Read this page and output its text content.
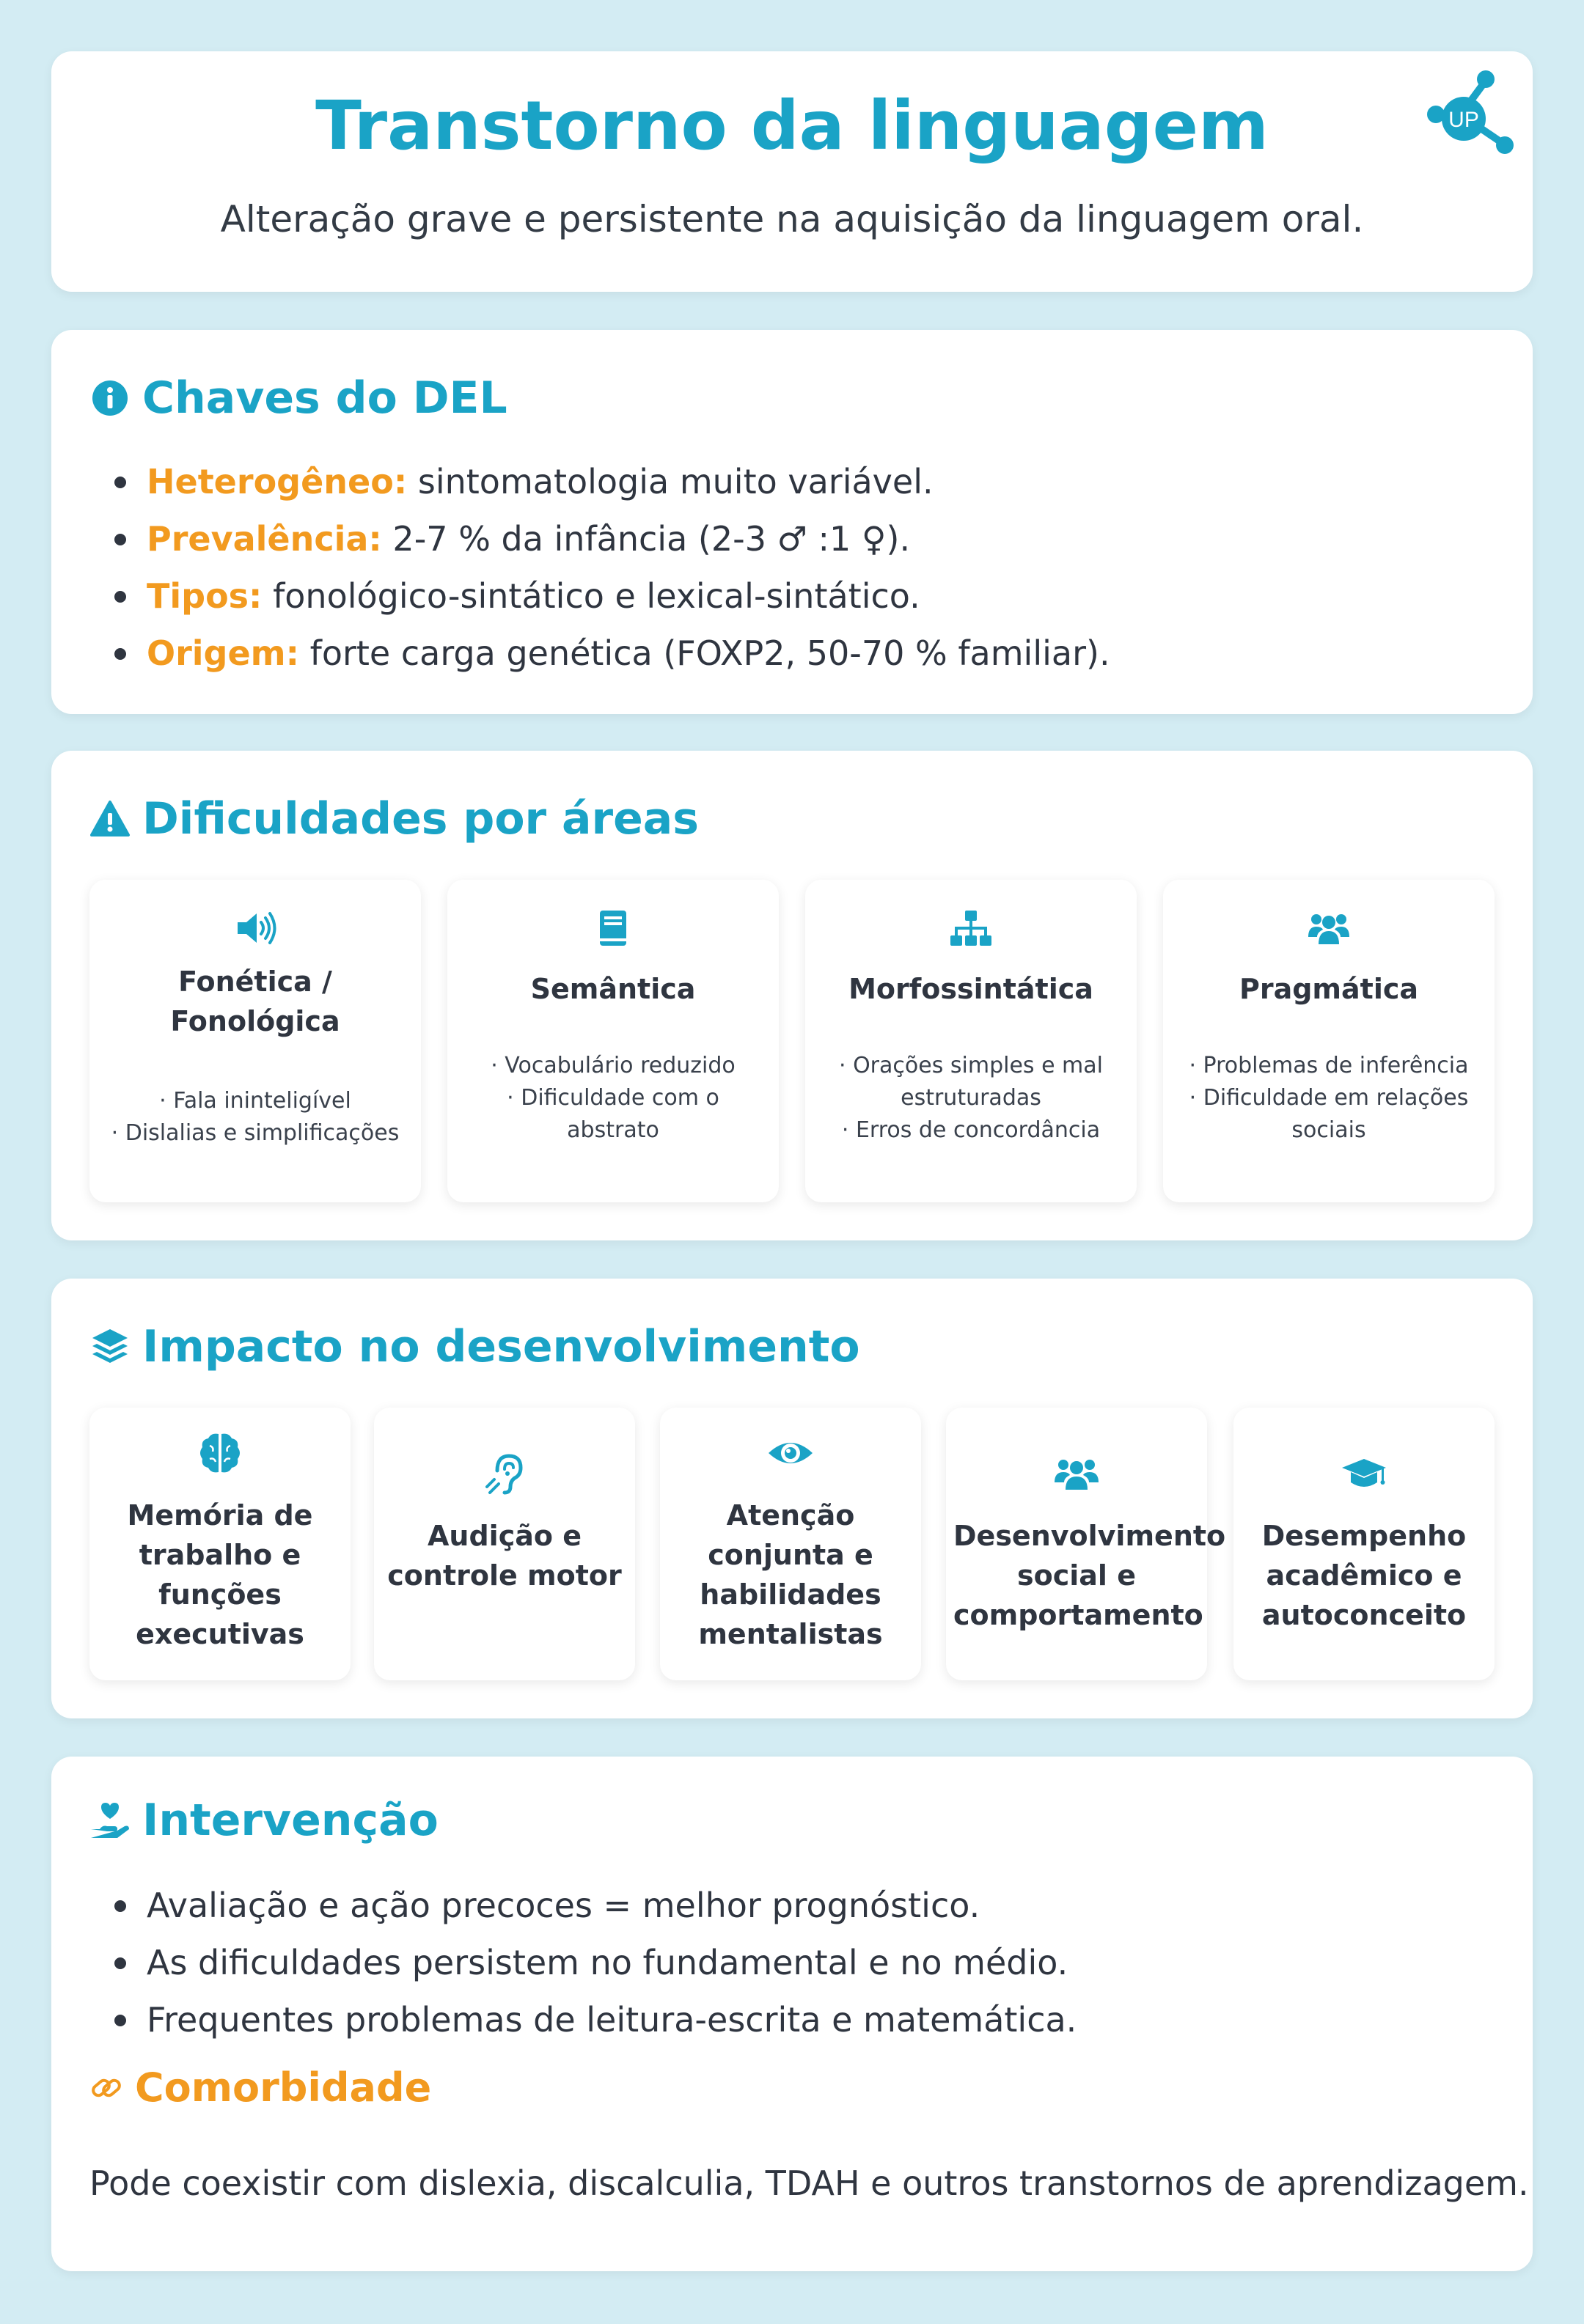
Transtorno da linguagem
Alteração grave e persistente na aquisição da linguagem oral.
UP
Chaves do DEL
Heterogêneo: sintomatologia muito variável.
Prevalência: 2-7 % da infância (2-3 ♂ :1 ♀).
Tipos: fonológico-sintático e lexical-sintático.
Origem: forte carga genética (FOXP2, 50-70 % familiar).
Dificuldades por áreas
Fonética / Fonológica
· Fala ininteligível
· Dislalias e simplificações
Semântica
· Vocabulário reduzido
· Dificuldade com o
abstrato
Morfossintática
· Orações simples e mal
estruturadas
· Erros de concordância
Pragmática
· Problemas de inferência
· Dificuldade em relações
sociais
Impacto no desenvolvimento
Memória de trabalho e funções executivas
Audição e controle motor
Atenção conjunta e habilidades mentalistas
Desenvolvimento social e comportamento
Desempenho acadêmico e autoconceito
Intervenção
Avaliação e ação precoces = melhor prognóstico.
As dificuldades persistem no fundamental e no médio.
Frequentes problemas de leitura-escrita e matemática.
Comorbidade
Pode coexistir com dislexia, discalculia, TDAH e outros transtornos de aprendizagem.
